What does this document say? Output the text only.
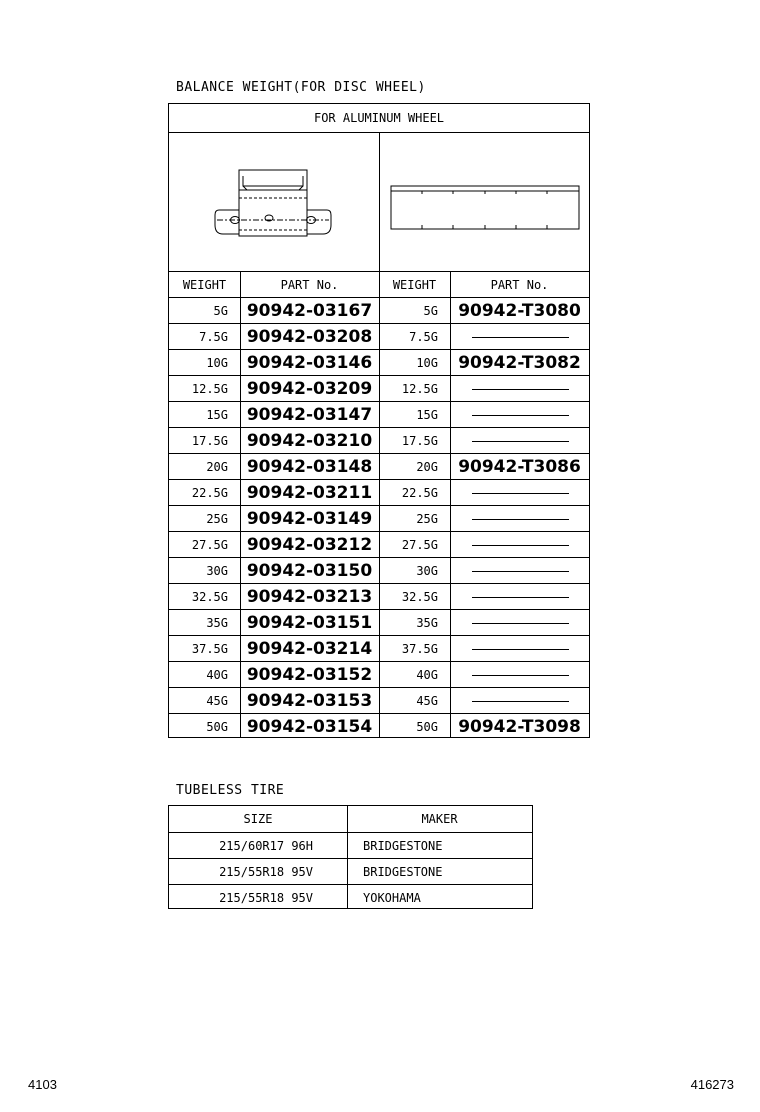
BALANCE WEIGHT(FOR DISC WHEEL)
FOR ALUMINUM WHEEL
WEIGHT	PART No.	WEIGHT	PART No.
5G	90942-03167	5G	90942-T3080
7.5G	90942-03208	7.5G
10G	90942-03146	10G	90942-T3082
12.5G	90942-03209	12.5G
15G	90942-03147	15G
17.5G	90942-03210	17.5G
20G	90942-03148	20G	90942-T3086
22.5G	90942-03211	22.5G
25G	90942-03149	25G
27.5G	90942-03212	27.5G
30G	90942-03150	30G
32.5G	90942-03213	32.5G
35G	90942-03151	35G
37.5G	90942-03214	37.5G
40G	90942-03152	40G
45G	90942-03153	45G
50G	90942-03154	50G	90942-T3098
TUBELESS TIRE
SIZE	MAKER
215/60R17 96H	BRIDGESTONE
215/55R18 95V	BRIDGESTONE
215/55R18 95V	YOKOHAMA
4103	416273
